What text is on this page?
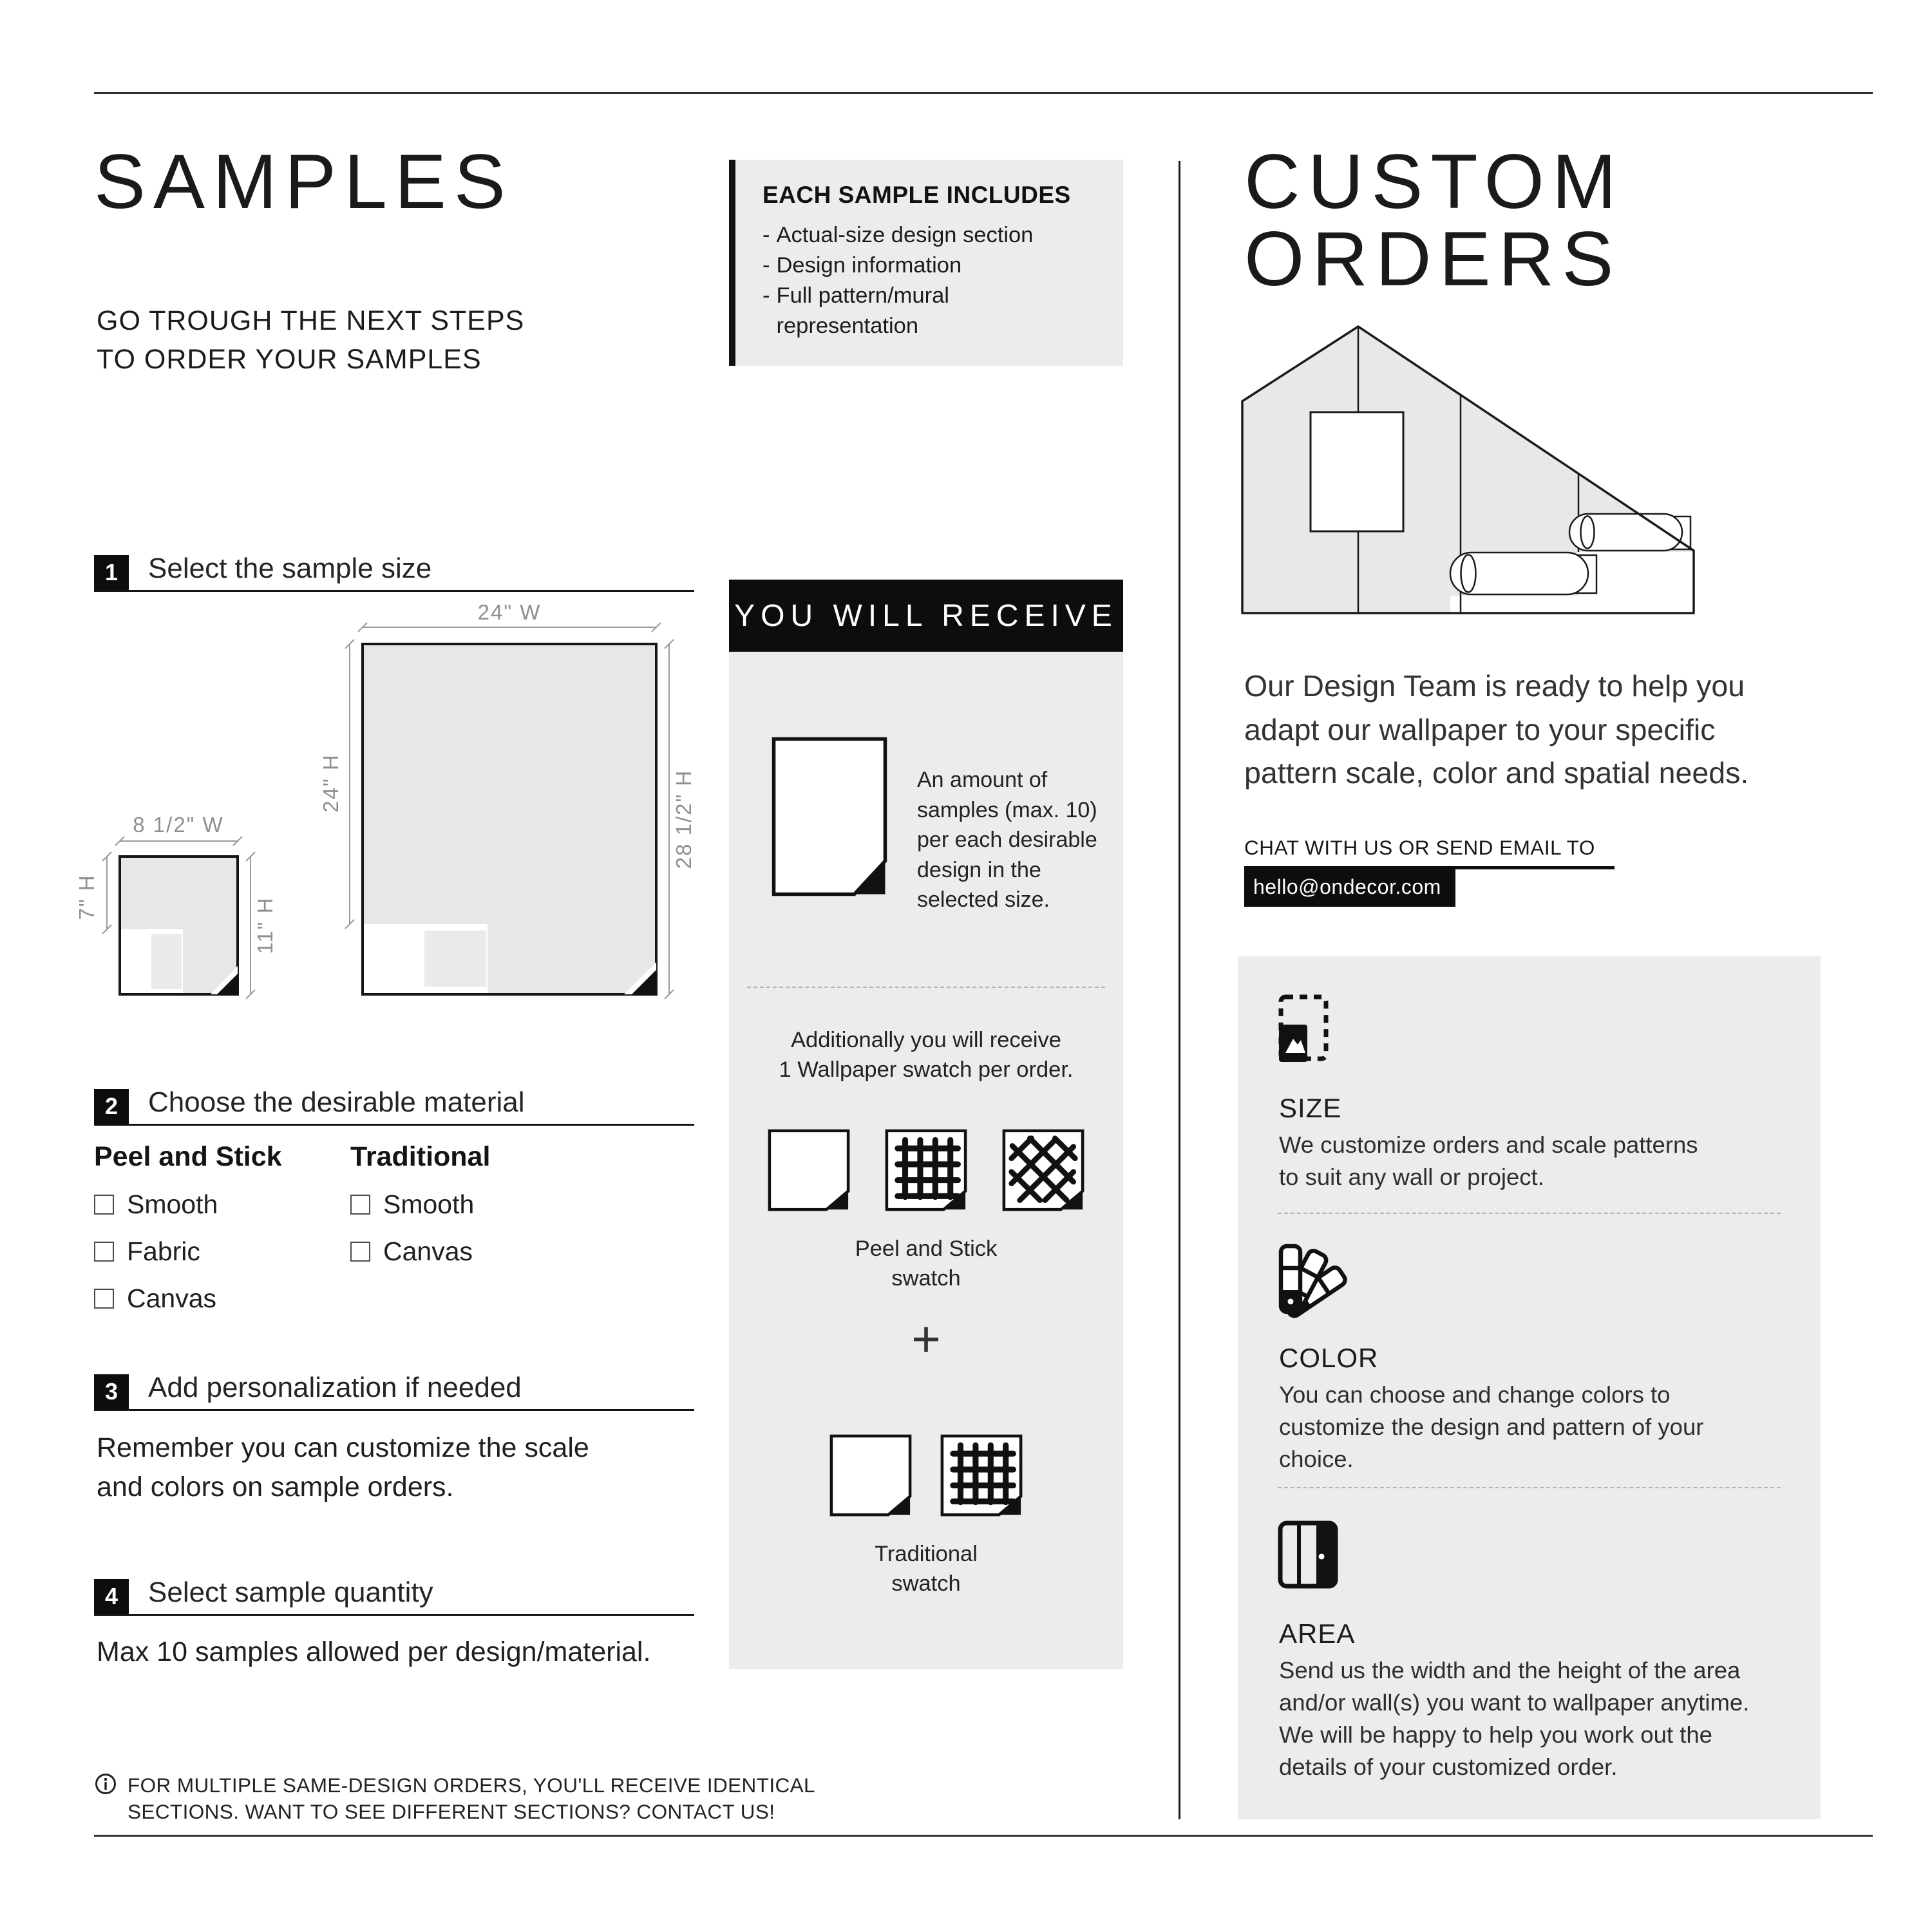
SAMPLES
GO TROUGH THE NEXT STEPS
TO ORDER YOUR SAMPLES
EACH SAMPLE INCLUDES
- Actual-size design section
- Design information
- Full pattern/mural
representation
1	Select the sample size
24" W
24" H	28 1/2" H
8 1/2" W
7" H	11" H
2	Choose the desirable material
Peel and Stick
Smooth
Fabric
Canvas
Traditional
Smooth
Canvas
3	Add personalization if needed
Remember you can customize the scale
and colors on sample orders.
4	Select sample quantity
Max 10 samples allowed per design/material.
FOR MULTIPLE SAME-DESIGN ORDERS, YOU'LL RECEIVE IDENTICAL
SECTIONS. WANT TO SEE DIFFERENT SECTIONS? CONTACT US!
YOU WILL RECEIVE
An amount of
samples (max. 10)
per each desirable
design in the
selected size.
Additionally you will receive
1 Wallpaper swatch per order.
Peel and Stick
swatch
+
Traditional
swatch
CUSTOM ORDERS
Our Design Team is ready to help you
adapt our wallpaper to your specific
pattern scale, color and spatial needs.
CHAT WITH US OR SEND EMAIL TO
hello@ondecor.com
SIZE
We customize orders and scale patterns
to suit any wall or project.
COLOR
You can choose and change colors to
customize the design and pattern of your
choice.
AREA
Send us the width and the height of the area
and/or wall(s) you want to wallpaper anytime.
We will be happy to help you work out the
details of your customized order.
